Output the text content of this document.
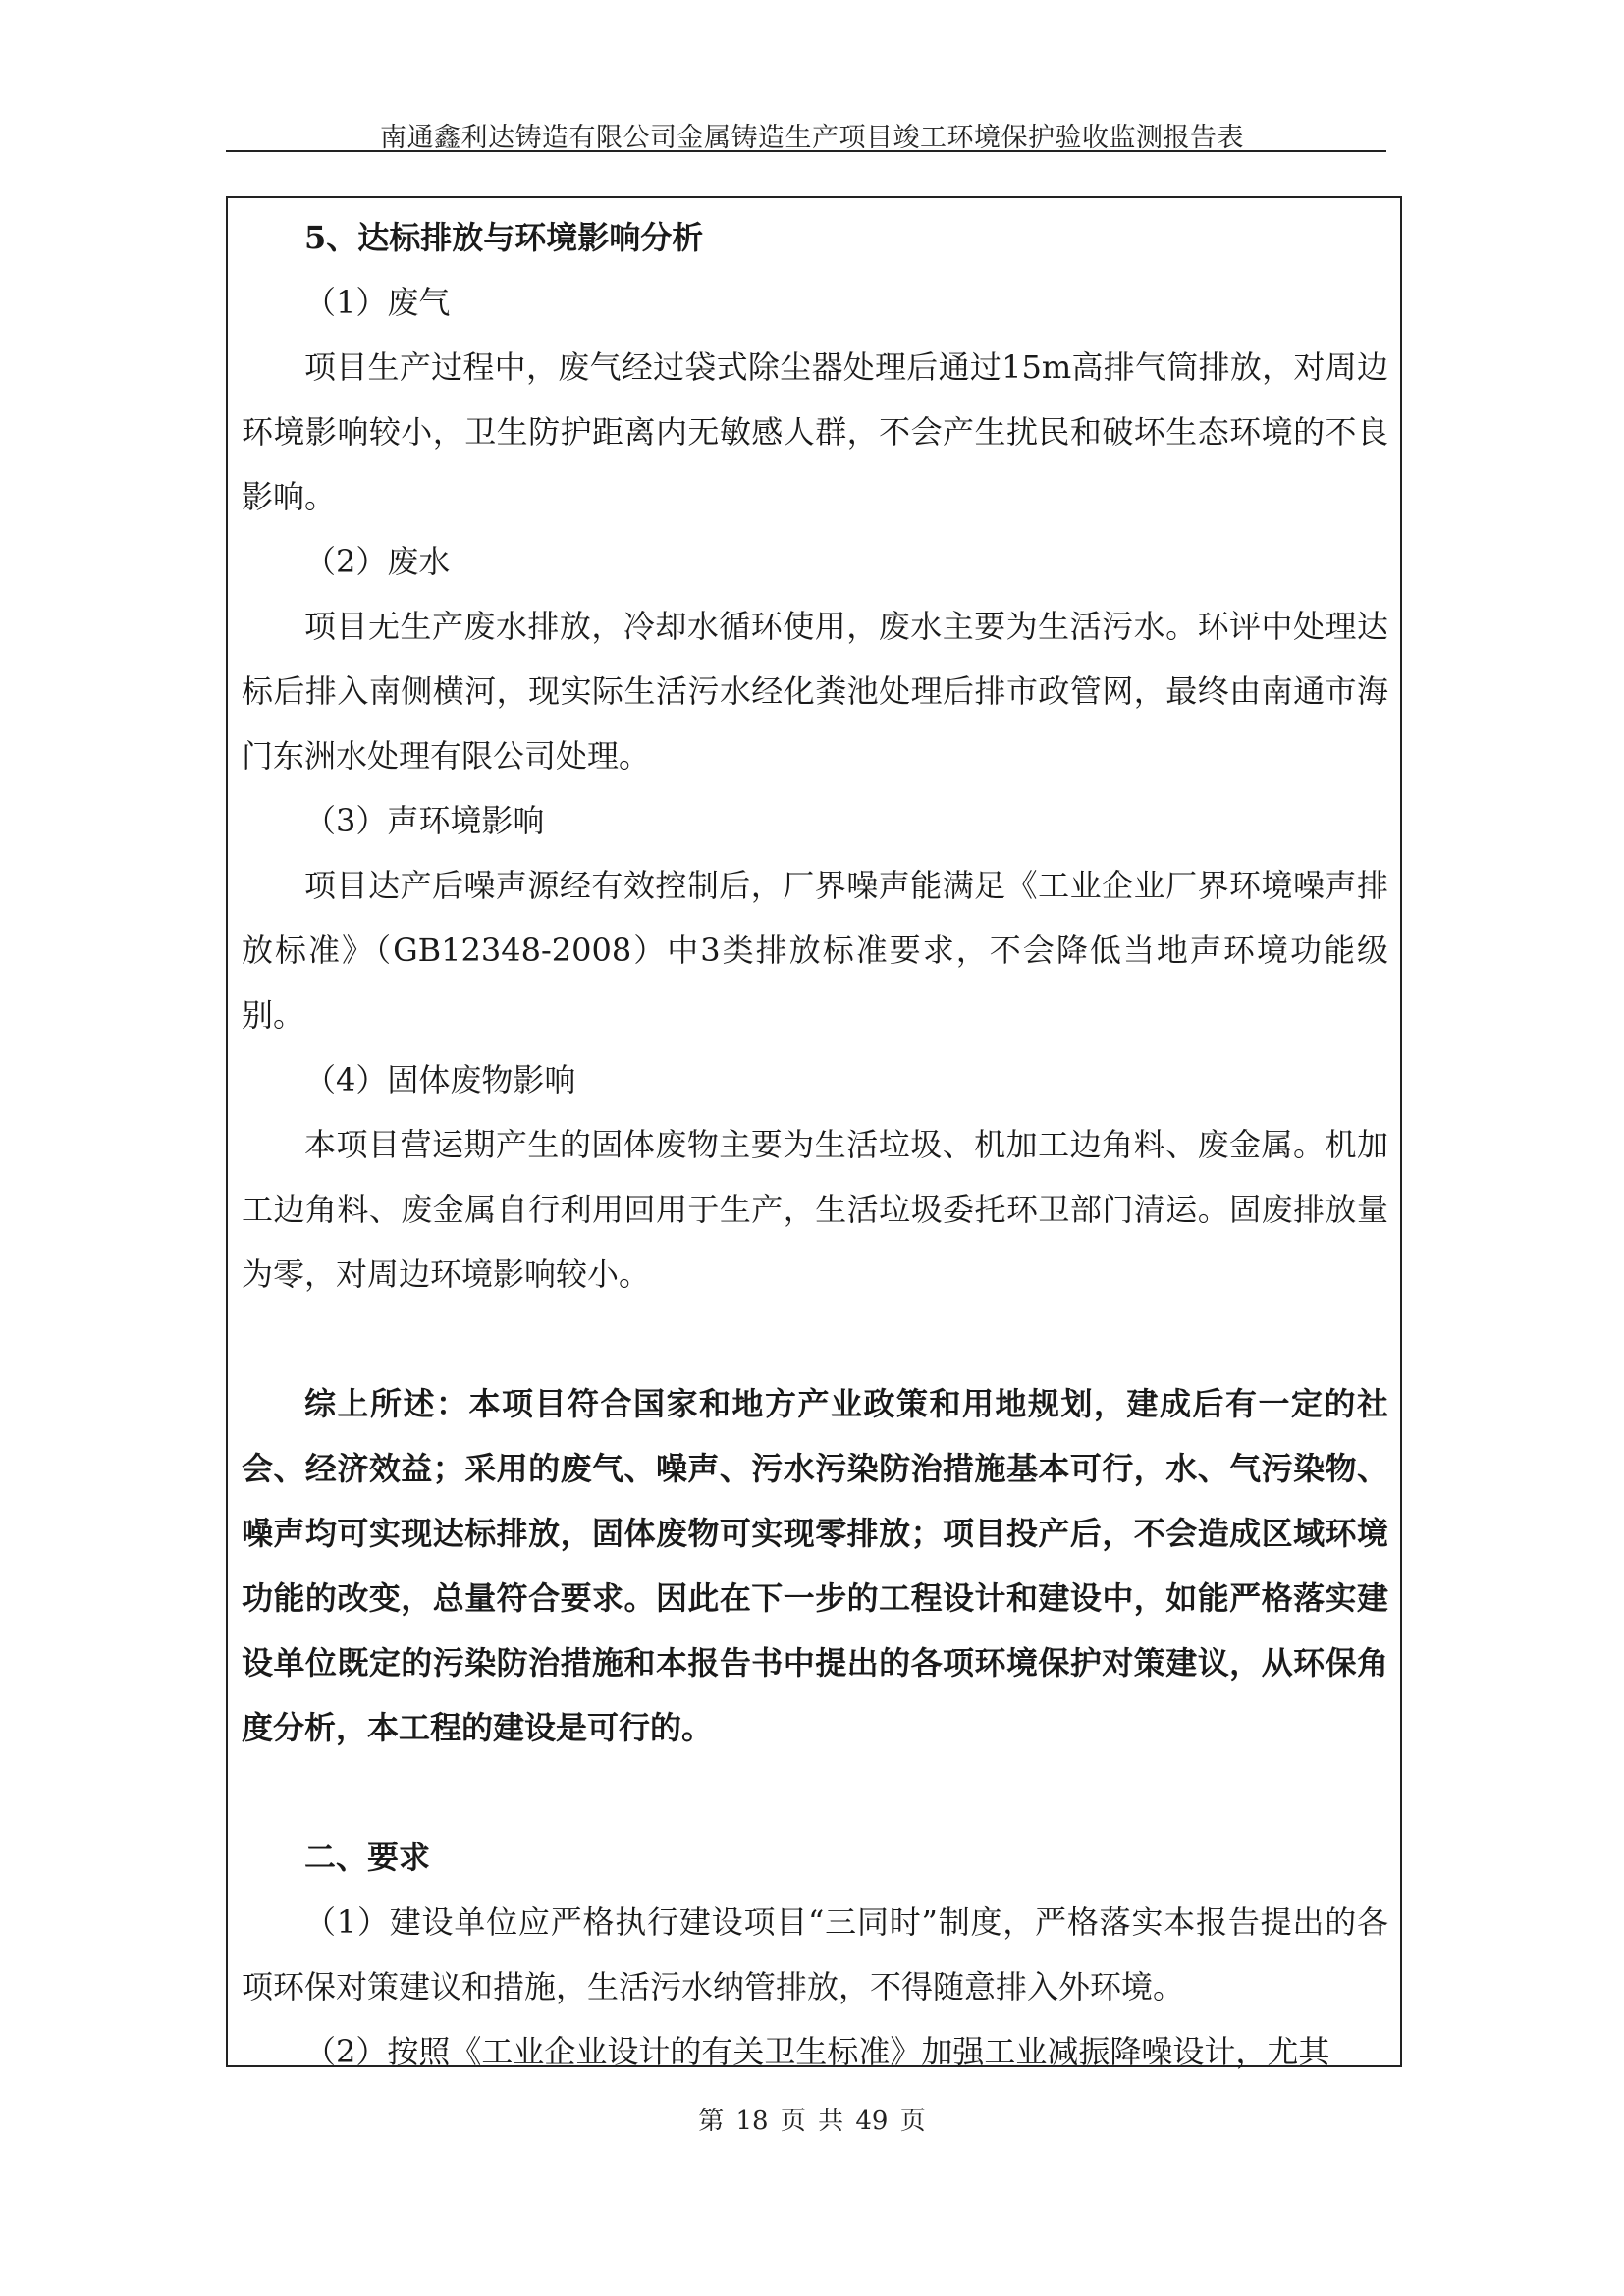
南通鑫利达铸造有限公司金属铸造生产项目竣工环境保护验收监测报告表

5、达标排放与环境影响分析

（1）废气

项目生产过程中，废气经过袋式除尘器处理后通过15m高排气筒排放，对周边环境影响较小，卫生防护距离内无敏感人群，不会产生扰民和破坏生态环境的不良影响。

（2）废水

项目无生产废水排放，冷却水循环使用，废水主要为生活污水。环评中处理达标后排入南侧横河，现实际生活污水经化粪池处理后排市政管网，最终由南通市海门东洲水处理有限公司处理。

（3）声环境影响

项目达产后噪声源经有效控制后，厂界噪声能满足《工业企业厂界环境噪声排放标准》（GB12348-2008）中3类排放标准要求，不会降低当地声环境功能级别。

（4）固体废物影响

本项目营运期产生的固体废物主要为生活垃圾、机加工边角料、废金属。机加工边角料、废金属自行利用回用于生产，生活垃圾委托环卫部门清运。固废排放量为零，对周边环境影响较小。

综上所述：本项目符合国家和地方产业政策和用地规划，建成后有一定的社会、经济效益；采用的废气、噪声、污水污染防治措施基本可行，水、气污染物、噪声均可实现达标排放，固体废物可实现零排放；项目投产后，不会造成区域环境功能的改变，总量符合要求。因此在下一步的工程设计和建设中，如能严格落实建设单位既定的污染防治措施和本报告书中提出的各项环境保护对策建议，从环保角度分析，本工程的建设是可行的。

二、要求

（1）建设单位应严格执行建设项目“三同时”制度，严格落实本报告提出的各项环保对策建议和措施，生活污水纳管排放，不得随意排入外环境。

（2）按照《工业企业设计的有关卫生标准》加强工业减振降噪设计，尤其

第 18 页 共 49 页
